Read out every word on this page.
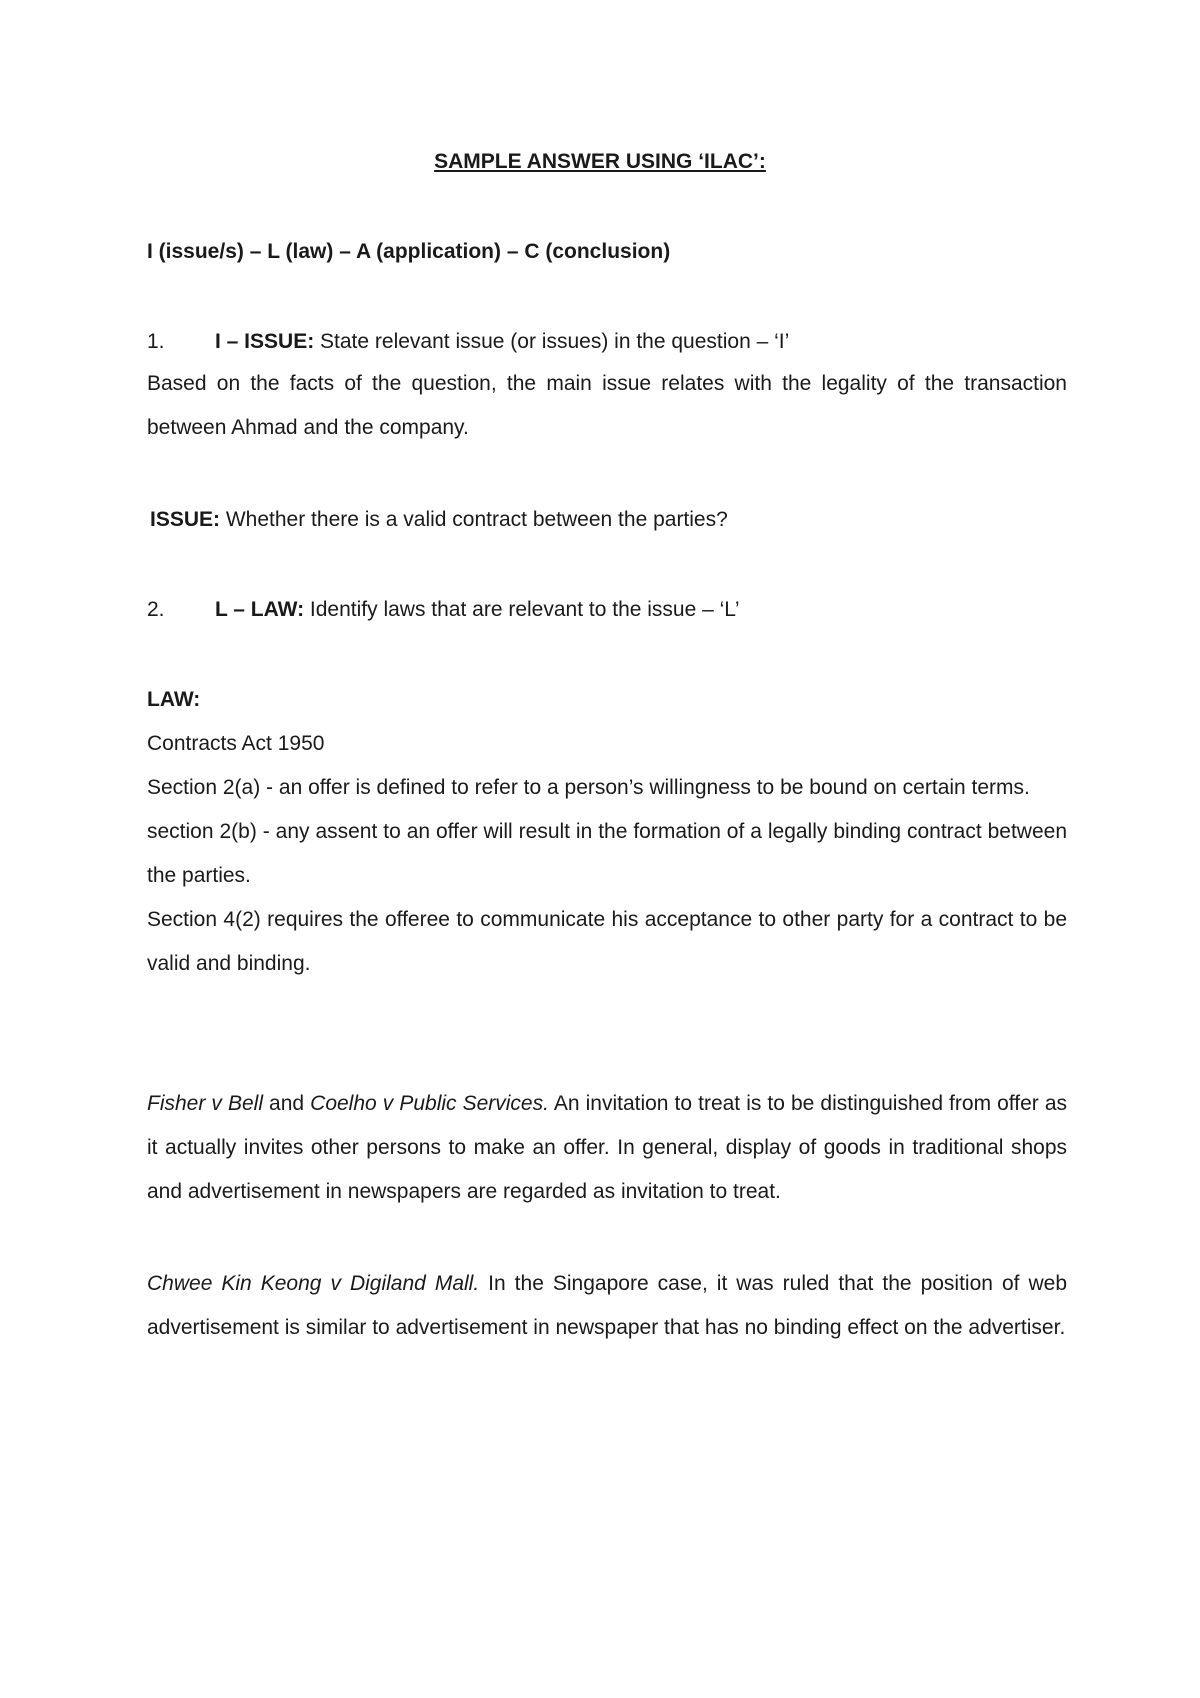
SAMPLE ANSWER USING ‘ILAC’:
I (issue/s) – L (law) – A (application) – C (conclusion)
1. I – ISSUE: State relevant issue (or issues) in the question – ‘I’
Based on the facts of the question, the main issue relates with the legality of the transaction between Ahmad and the company.
ISSUE: Whether there is a valid contract between the parties?
2. L – LAW: Identify laws that are relevant to the issue – ‘L’
LAW:
Contracts Act 1950
Section 2(a) - an offer is defined to refer to a person’s willingness to be bound on certain terms.
section 2(b) - any assent to an offer will result in the formation of a legally binding contract between the parties.
Section 4(2) requires the offeree to communicate his acceptance to other party for a contract to be valid and binding.
Fisher v Bell and Coelho v Public Services. An invitation to treat is to be distinguished from offer as it actually invites other persons to make an offer. In general, display of goods in traditional shops and advertisement in newspapers are regarded as invitation to treat.
Chwee Kin Keong v Digiland Mall. In the Singapore case, it was ruled that the position of web advertisement is similar to advertisement in newspaper that has no binding effect on the advertiser.
